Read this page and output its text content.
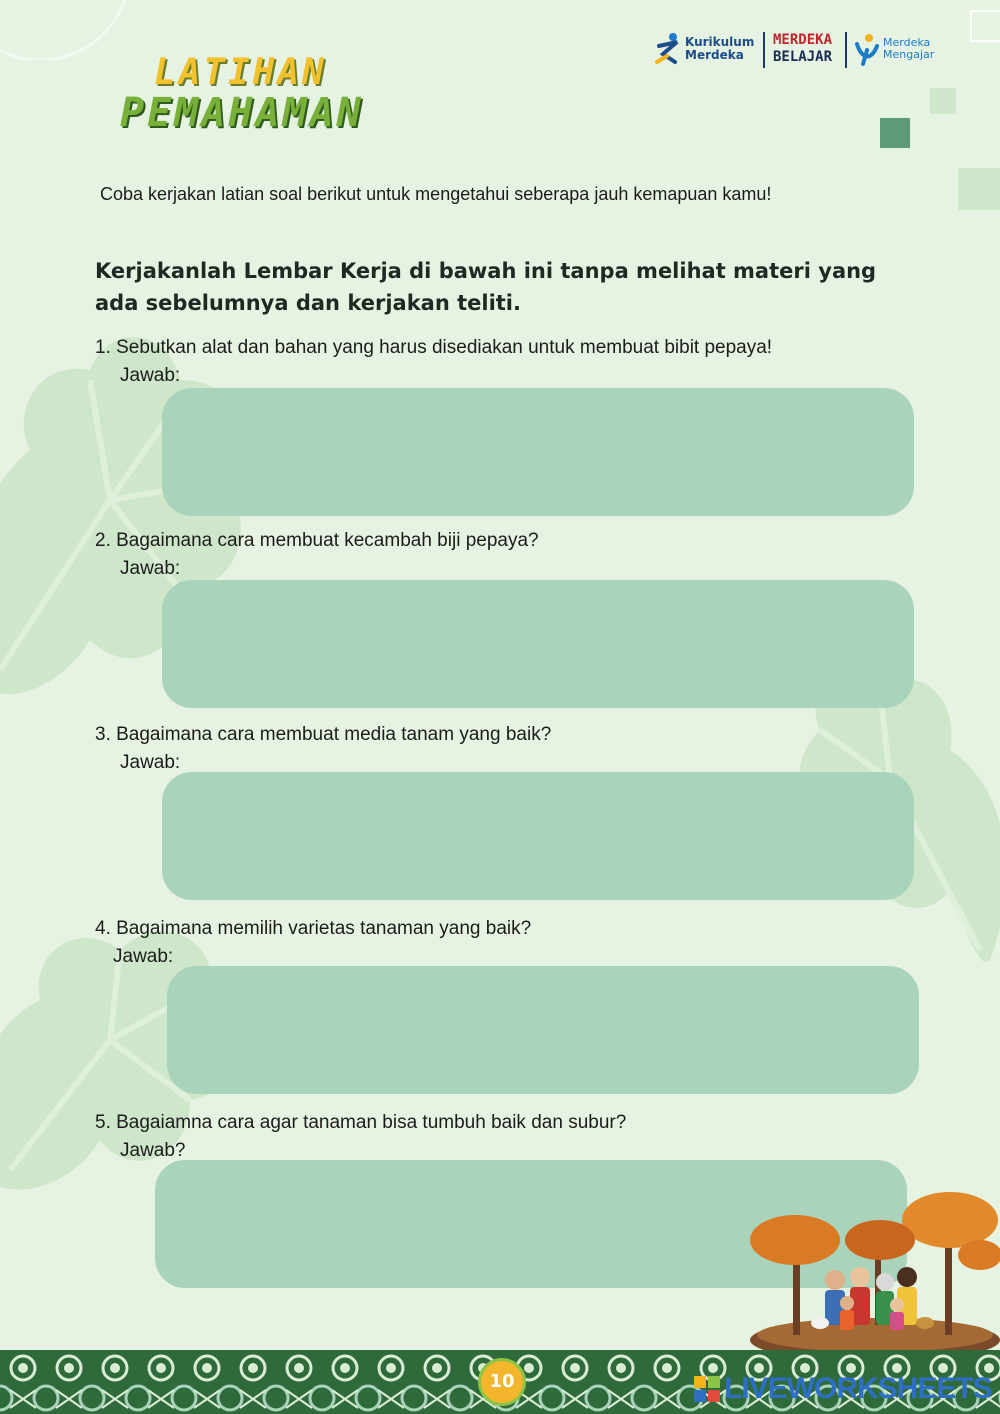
LATIHAN
PEMAHAMAN
Kurikulum
Merdeka
MERDEKA
BELAJAR
Merdeka
Mengajar
Coba kerjakan latian soal berikut untuk mengetahui seberapa jauh kemapuan kamu!
Kerjakanlah Lembar Kerja di bawah ini tanpa melihat materi yang ada sebelumnya dan kerjakan teliti.
1. Sebutkan alat dan bahan yang harus disediakan untuk membuat bibit pepaya!
Jawab:
2. Bagaimana cara membuat kecambah biji pepaya?
Jawab:
3. Bagaimana cara membuat media tanam yang baik?
Jawab:
4. Bagaimana memilih varietas tanaman yang baik?
Jawab:
5. Bagaiamna cara agar tanaman bisa tumbuh baik dan subur?
Jawab?
10	LIVEWORKSHEETS
